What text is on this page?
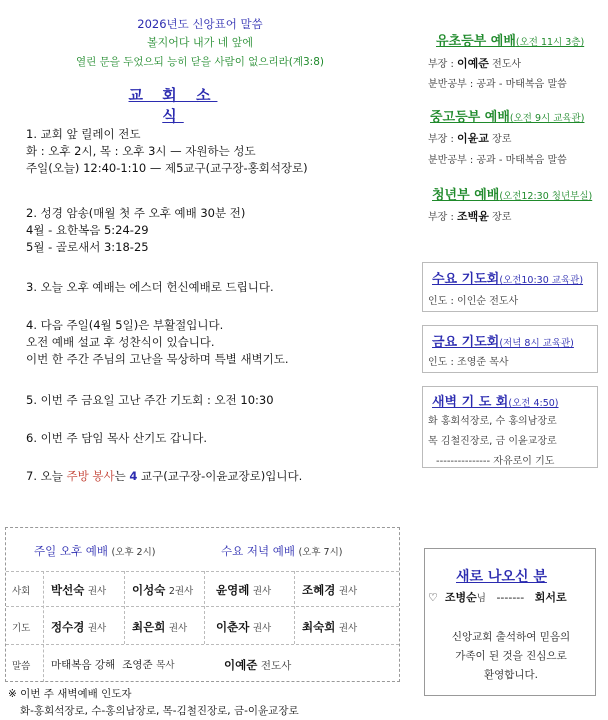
2026년도 신앙표어 말씀
볼지어다 내가 네 앞에
열린 문을 두었으되 능히 닫을 사람이 없으리라(계3:8)
교 회 소 식
1. 교회 앞 릴레이 전도
화 : 오후 2시, 목 : 오후 3시 — 자원하는 성도
주일(오늘) 12:40-1:10 — 제5교구(교구장-홍회석장로)
2. 성경 암송(매월 첫 주 오후 예배 30분 전)
4월 - 요한복음 5:24-29
5월 - 골로새서 3:18-25
3. 오늘 오후 예배는 에스더 헌신예배로 드립니다.
4. 다음 주일(4월 5일)은 부활절입니다.
오전 예배 설교 후 성찬식이 있습니다.
이번 한 주간 주님의 고난을 묵상하며 특별 새벽기도.
5. 이번 주 금요일 고난 주간 기도회 : 오전 10:30
6. 이번 주 담임 목사 산기도 갑니다.
7. 오늘 주방 봉사는 4 교구(교구장-이윤교장로)입니다.
주일 오후 예배 (오후 2시)	수요 저녁 예배 (오후 7시)
사회 박선숙 권사 이성숙 2권사 윤영례 권사	조혜경 권사
기도 정수경 권사 최은희 권사	이춘자 권사	최숙희 권사
말씀 마태복음 강해 조영준 목사	이예준 전도사
※ 이번 주 새벽예배 인도자
화-홍회석장로, 수-홍의남장로, 목-김철진장로, 금-이윤교장로
유초등부 예배(오전 11시 3층)
부장 : 이예준 전도사
분반공부 : 공과 - 마태복음 말씀
중고등부 예배(오전 9시 교육관)
부장 : 이윤교 장로
분반공부 : 공과 - 마태복음 말씀
청년부 예배(오전12:30 청년부실)
부장 : 조백윤 장로
수요 기도회(오전10:30 교육관)
인도 : 이인순 전도사
금요 기도회(저녁 8시 교육관)
인도 : 조영준 목사
새벽 기 도 회(오전 4:50)
화 홍회석장로, 수 홍의남장로
목 김철진장로, 금 이윤교장로
--------------- 자유로이 기도
새로 나오신 분
♡ 조병순님 ------- 회서로
신앙교회 출석하여 믿음의
가족이 된 것을 진심으로
환영합니다.
